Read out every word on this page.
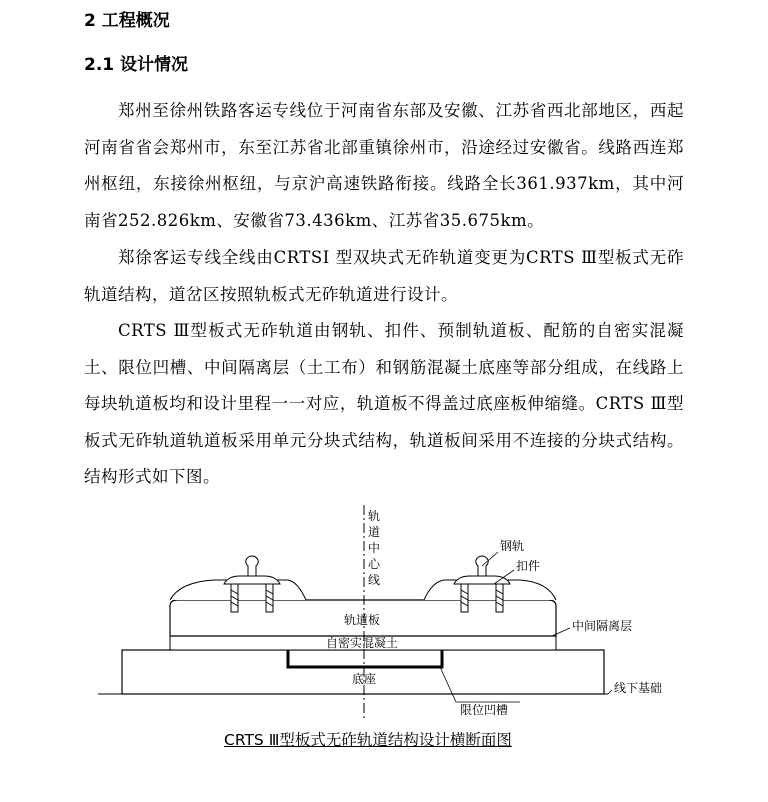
2 工程概况
2.1 设计情况
郑州至徐州铁路客运专线位于河南省东部及安徽、江苏省西北部地区，西起河南省省会郑州市，东至江苏省北部重镇徐州市，沿途经过安徽省。线路西连郑州枢纽，东接徐州枢纽，与京沪高速铁路衔接。线路全长361.937km，其中河南省252.826km、安徽省73.436km、江苏省35.675km。
郑徐客运专线全线由CRTSI 型双块式无砟轨道变更为CRTS Ⅲ型板式无砟轨道结构，道岔区按照轨板式无砟轨道进行设计。
CRTS Ⅲ型板式无砟轨道由钢轨、扣件、预制轨道板、配筋的自密实混凝土、限位凹槽、中间隔离层（土工布）和钢筋混凝土底座等部分组成，在线路上每块轨道板均和设计里程一一对应，轨道板不得盖过底座板伸缩缝。CRTS Ⅲ型板式无砟轨道轨道板采用单元分块式结构，轨道板间采用不连接的分块式结构。结构形式如下图。
轨
道
中
心
线
钢轨
扣件
轨道板	中间隔离层
自密实混凝土
底座
线下基础
限位凹槽
CRTS Ⅲ型板式无砟轨道结构设计横断面图
